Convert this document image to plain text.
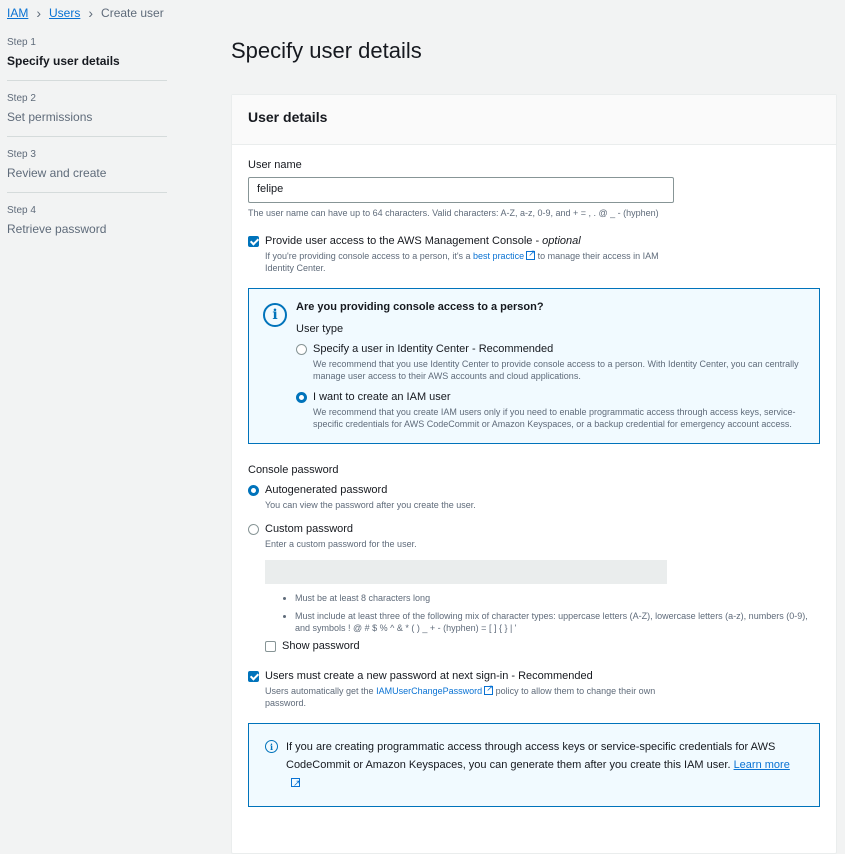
IAM › Users › Create user
Step 1
Specify user details
Step 2
Set permissions
Step 3
Review and create
Step 4
Retrieve password
Specify user details
User details
User name
felipe
The user name can have up to 64 characters. Valid characters: A-Z, a-z, 0-9, and + = , . @ _ - (hyphen)
Provide user access to the AWS Management Console - optional
If you're providing console access to a person, it's a best practice↗ to manage their access in IAM Identity Center.
i	Are you providing console access to a person?
User type
Specify a user in Identity Center - Recommended
We recommend that you use Identity Center to provide console access to a person. With Identity Center, you can centrally manage user access to their AWS accounts and cloud applications.
I want to create an IAM user
We recommend that you create IAM users only if you need to enable programmatic access through access keys, service-specific credentials for AWS CodeCommit or Amazon Keyspaces, or a backup credential for emergency account access.
Console password
Autogenerated password
You can view the password after you create the user.
Custom password
Enter a custom password for the user.
• Must be at least 8 characters long
• Must include at least three of the following mix of character types: uppercase letters (A-Z), lowercase letters (a-z), numbers (0-9), and symbols ! @ # $ % ^ & * ( ) _ + - (hyphen) = [ ] { } | '
Show password
Users must create a new password at next sign-in - Recommended
Users automatically get the IAMUserChangePassword↗ policy to allow them to change their own password.
i	If you are creating programmatic access through access keys or service-specific credentials for AWS CodeCommit or Amazon Keyspaces, you can generate them after you create this IAM user. Learn more↗
